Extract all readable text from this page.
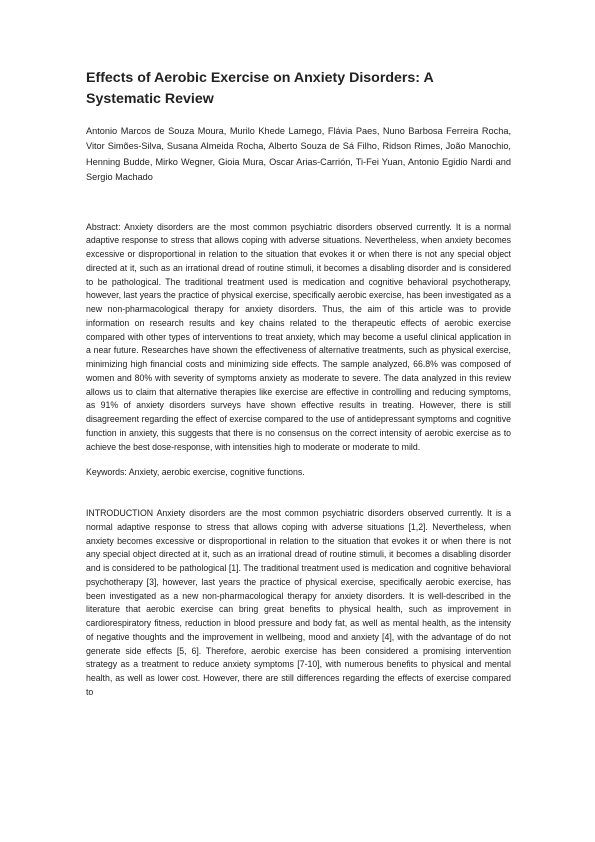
Effects of Aerobic Exercise on Anxiety Disorders: A Systematic Review

Antonio Marcos de Souza Moura, Murilo Khede Lamego, Flávia Paes, Nuno Barbosa Ferreira Rocha, Vitor Simões-Silva, Susana Almeida Rocha, Alberto Souza de Sá Filho, Ridson Rimes, João Manochio, Henning Budde, Mirko Wegner, Gioia Mura, Oscar Arias-Carrión, Ti-Fei Yuan, Antonio Egidio Nardi and Sergio Machado

Abstract: Anxiety disorders are the most common psychiatric disorders observed currently. It is a normal adaptive response to stress that allows coping with adverse situations. Nevertheless, when anxiety becomes excessive or disproportional in relation to the situation that evokes it or when there is not any special object directed at it, such as an irrational dread of routine stimuli, it becomes a disabling disorder and is considered to be pathological. The traditional treatment used is medication and cognitive behavioral psychotherapy, however, last years the practice of physical exercise, specifically aerobic exercise, has been investigated as a new non-pharmacological therapy for anxiety disorders. Thus, the aim of this article was to provide information on research results and key chains related to the therapeutic effects of aerobic exercise compared with other types of interventions to treat anxiety, which may become a useful clinical application in a near future. Researches have shown the effectiveness of alternative treatments, such as physical exercise, minimizing high financial costs and minimizing side effects. The sample analyzed, 66.8% was composed of women and 80% with severity of symptoms anxiety as moderate to severe. The data analyzed in this review allows us to claim that alternative therapies like exercise are effective in controlling and reducing symptoms, as 91% of anxiety disorders surveys have shown effective results in treating. However, there is still disagreement regarding the effect of exercise compared to the use of antidepressant symptoms and cognitive function in anxiety, this suggests that there is no consensus on the correct intensity of aerobic exercise as to achieve the best dose-response, with intensities high to moderate or moderate to mild.

Keywords: Anxiety, aerobic exercise, cognitive functions.

INTRODUCTION Anxiety disorders are the most common psychiatric disorders observed currently. It is a normal adaptive response to stress that allows coping with adverse situations [1,2]. Nevertheless, when anxiety becomes excessive or disproportional in relation to the situation that evokes it or when there is not any special object directed at it, such as an irrational dread of routine stimuli, it becomes a disabling disorder and is considered to be pathological [1]. The traditional treatment used is medication and cognitive behavioral psychotherapy [3], however, last years the practice of physical exercise, specifically aerobic exercise, has been investigated as a new non-pharmacological therapy for anxiety disorders. It is well-described in the literature that aerobic exercise can bring great benefits to physical health, such as improvement in cardiorespiratory fitness, reduction in blood pressure and body fat, as well as mental health, as the intensity of negative thoughts and the improvement in wellbeing, mood and anxiety [4], with the advantage of do not generate side effects [5, 6]. Therefore, aerobic exercise has been considered a promising intervention strategy as a treatment to reduce anxiety symptoms [7-10], with numerous benefits to physical and mental health, as well as lower cost. However, there are still differences regarding the effects of exercise compared to
